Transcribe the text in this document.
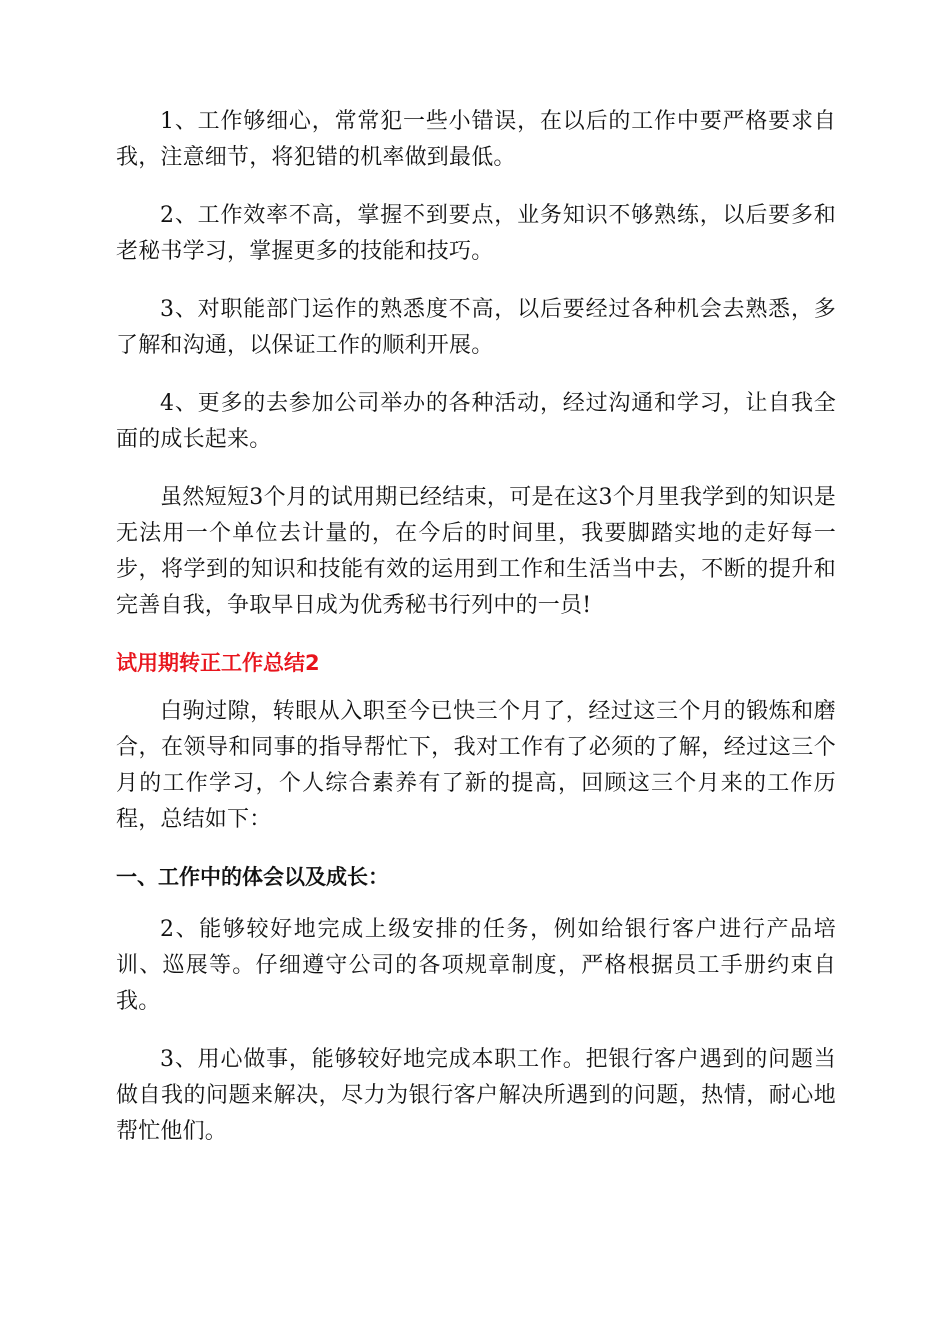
1、工作够细心，常常犯一些小错误，在以后的工作中要严格要求自我，注意细节，将犯错的机率做到最低。

2、工作效率不高，掌握不到要点，业务知识不够熟练，以后要多和老秘书学习，掌握更多的技能和技巧。

3、对职能部门运作的熟悉度不高，以后要经过各种机会去熟悉，多了解和沟通，以保证工作的顺利开展。

4、更多的去参加公司举办的各种活动，经过沟通和学习，让自我全面的成长起来。

虽然短短3个月的试用期已经结束，可是在这3个月里我学到的知识是无法用一个单位去计量的，在今后的时间里，我要脚踏实地的走好每一步，将学到的知识和技能有效的运用到工作和生活当中去，不断的提升和完善自我，争取早日成为优秀秘书行列中的一员!

试用期转正工作总结2

白驹过隙，转眼从入职至今已快三个月了，经过这三个月的锻炼和磨合，在领导和同事的指导帮忙下，我对工作有了必须的了解，经过这三个月的工作学习，个人综合素养有了新的提高，回顾这三个月来的工作历程，总结如下：

一、工作中的体会以及成长：

2、能够较好地完成上级安排的任务，例如给银行客户进行产品培训、巡展等。仔细遵守公司的各项规章制度，严格根据员工手册约束自我。

3、用心做事，能够较好地完成本职工作。把银行客户遇到的问题当做自我的问题来解决，尽力为银行客户解决所遇到的问题，热情，耐心地帮忙他们。
